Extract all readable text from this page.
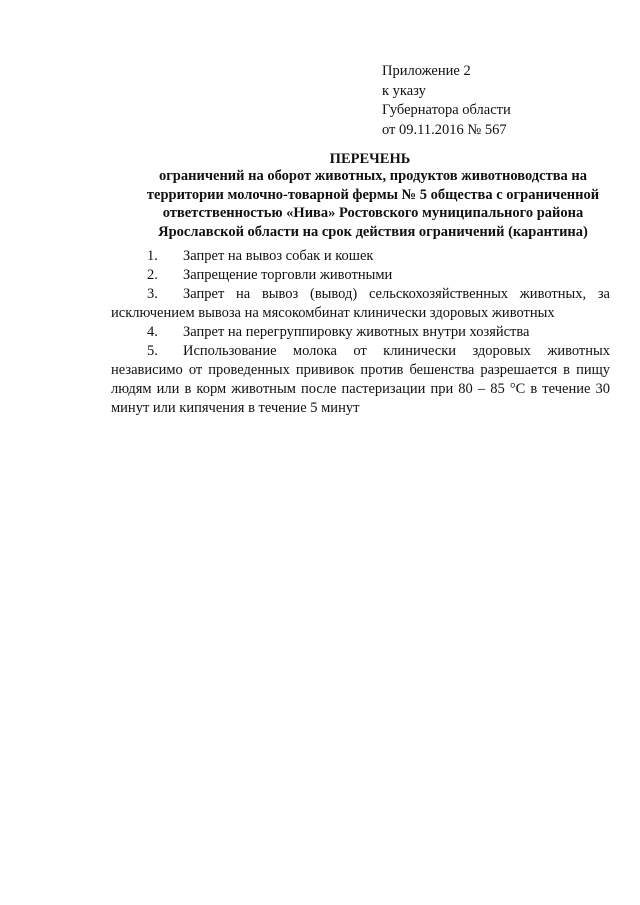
Приложение 2
к указу
Губернатора области
от 09.11.2016 № 567
ПЕРЕЧЕНЬ
ограничений на оборот животных, продуктов животноводства на
территории молочно-товарной фермы № 5 общества с ограниченной
ответственностью «Нива» Ростовского муниципального района
Ярославской области на срок действия ограничений (карантина)
1. Запрет на вывоз собак и кошек
2. Запрещение торговли животными
3. Запрет на вывоз (вывод) сельскохозяйственных животных, за исключением вывоза на мясокомбинат клинически здоровых животных
4. Запрет на перегруппировку животных внутри хозяйства
5. Использование молока от клинически здоровых животных независимо от проведенных прививок против бешенства разрешается в пищу людям или в корм животным после пастеризации при 80 – 85 °С в течение 30 минут или кипячения в течение 5 минут
